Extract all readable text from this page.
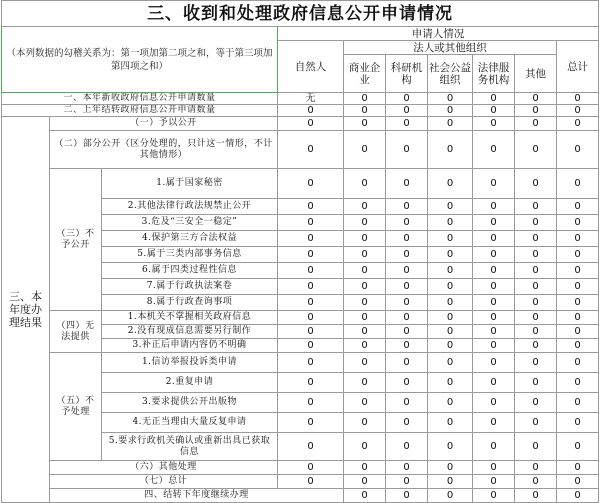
三、收到和处理政府信息公开申请情况										

（本列数据的勾稽关系为：第一项加第二项之和，等于第三项加第四项之和）			申请人情况							
			自然人	法人或其他组织					总计	
				商业企业	科研机构	社会公益组织	法律服务机构	其他		
一、本年新收政府信息公开申请数量			无	0	0	0	0	0	0	
二、上年结转政府信息公开申请数量			0	0	0	0	0	0	0	

三、本年度办理结果	（一）予以公开		0	0	0	0	0	0	0	

	（二）部分公开（区分处理的，只计这一情形，不计其他情形）		0	0	0	0	0	0	0	

	（三）不予公开	1.属于国家秘密	0	0	0	0	0	0	0	
		2.其他法律行政法规禁止公开	0	0	0	0	0	0	0	
		3.危及“三安全一稳定”	0	0	0	0	0	0	0	
		4.保护第三方合法权益	0	0	0	0	0	0	0	
		5.属于三类内部事务信息	0	0	0	0	0	0	0	
		6.属于四类过程性信息	0	0	0	0	0	0	0	
		7.属于行政执法案卷	0	0	0	0	0	0	0	
		8.属于行政查询事项	0	0	0	0	0	0	0	

	（四）无法提供	1.本机关不掌握相关政府信息	0	0	0	0	0	0	0	
		2.没有现成信息需要另行制作	0	0	0	0	0	0	0	
		3.补正后申请内容仍不明确	0	0	0	0	0	0	0	

	（五）不予处理	1.信访举报投诉类申请	0	0	0	0	0	0	0	
		2.重复申请	0	0	0	0	0	0	0	
		3.要求提供公开出版物	0	0	0	0	0	0	0	
		4.无正当理由大量反复申请	0	0	0	0	0	0	0	

		5.要求行政机关确认或重新出具已获取信息	0	0	0	0	0	0	0	
	（六）其他处理		0	0	0	0	0	0	0	
	（七）总计		0	0	0	0	0	0	0	
	四、结转下年度继续办理			0	0	0	0	0	0	
